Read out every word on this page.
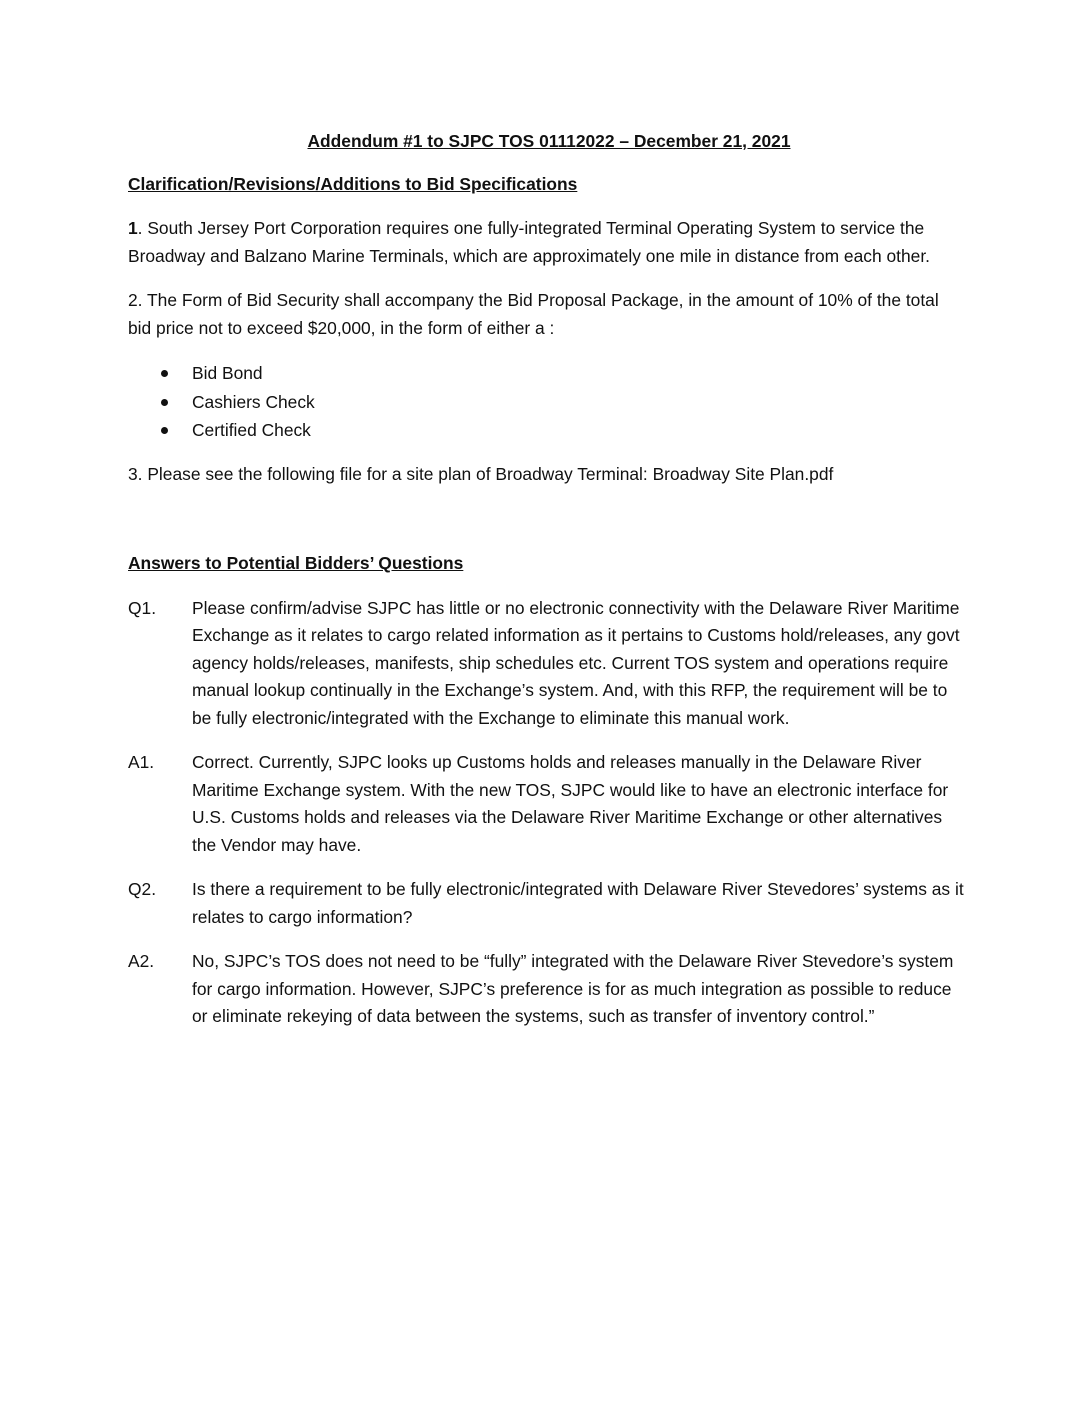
Addendum #1 to SJPC TOS 01112022 – December 21, 2021
Clarification/Revisions/Additions to Bid Specifications

1. South Jersey Port Corporation requires one fully-integrated Terminal Operating System to service the Broadway and Balzano Marine Terminals, which are approximately one mile in distance from each other.

2. The Form of Bid Security shall accompany the Bid Proposal Package, in the amount of 10% of the total bid price not to exceed $20,000, in the form of either a :

Bid Bond
Cashiers Check
Certified Check

3. Please see the following file for a site plan of Broadway Terminal: Broadway Site Plan.pdf

Answers to Potential Bidders’ Questions
Q1.	Please confirm/advise SJPC has little or no electronic connectivity with the Delaware River Maritime Exchange as it relates to cargo related information as it pertains to Customs hold/releases, any govt agency holds/releases, manifests, ship schedules etc. Current TOS system and operations require manual lookup continually in the Exchange’s system. And, with this RFP, the requirement will be to be fully electronic/integrated with the Exchange to eliminate this manual work.
A1.	Correct. Currently, SJPC looks up Customs holds and releases manually in the Delaware River Maritime Exchange system. With the new TOS, SJPC would like to have an electronic interface for U.S. Customs holds and releases via the Delaware River Maritime Exchange or other alternatives the Vendor may have.
Q2.	Is there a requirement to be fully electronic/integrated with Delaware River Stevedores’ systems as it relates to cargo information?
A2.	No, SJPC’s TOS does not need to be “fully” integrated with the Delaware River Stevedore’s system for cargo information. However, SJPC’s preference is for as much integration as possible to reduce or eliminate rekeying of data between the systems, such as transfer of inventory control.”
